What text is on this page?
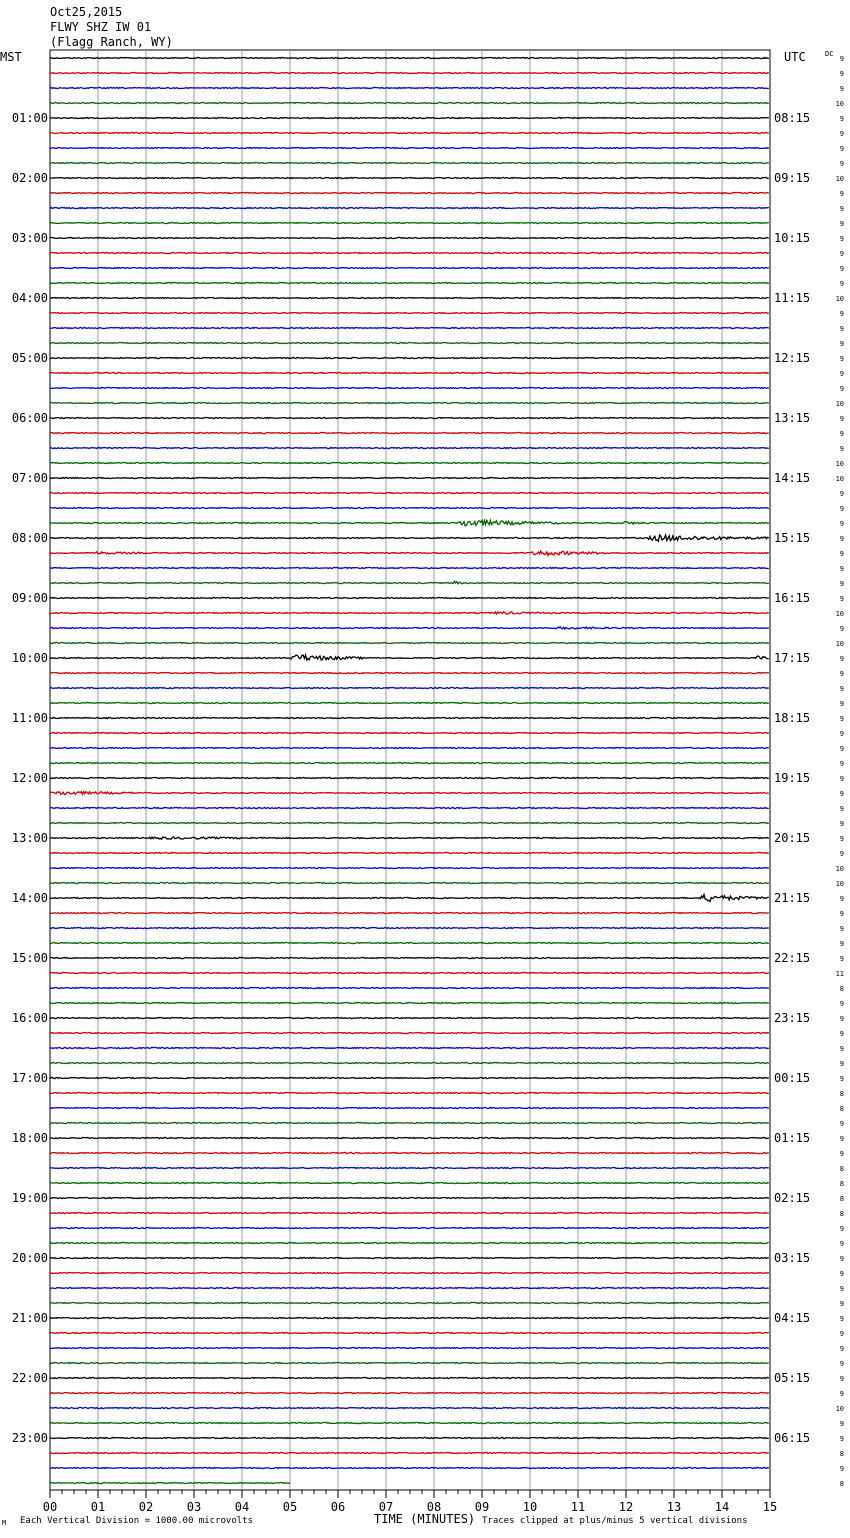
Oct25,2015
FLWY SHZ IW 01
(Flagg Ranch, WY)
MST	UTC	DC
01:00
02:00
03:00
04:00
05:00
06:00
07:00
08:00
09:00
10:00
11:00
12:00
13:00
14:00
15:00
16:00
17:00
18:00
19:00
20:00
21:00
22:00
23:00
08:15
09:15
10:15
11:15
12:15
13:15
14:15
15:15
16:15
17:15
18:15
19:15
20:15
21:15
22:15
23:15
00:15
01:15
02:15
03:15
04:15
05:15
06:15
9
9
9
10
9
9
9
9
10
9
9
9
9
9
9
9
10
9
9
9
9
9
9
10
9
9
9
10
10
9
9
9
9
9
9
9
9
10
9
10
9
9
9
9
9
9
9
9
9
9
9
9
9
9
10
10
9
9
9
9
9
11
8
9
9
9
9
9
9
8
8
9
9
9
8
8
8
8
9
9
9
9
9
9
9
9
9
9
9
9
10
9
9
8
9
8
00	01	02	03	04	05	06	07	08	09	10	11	12	13	14	15
M Each Vertical Division = 1000.00 microvolts	TIME (MINUTES) Traces clipped at plus/minus 5 vertical divisions
